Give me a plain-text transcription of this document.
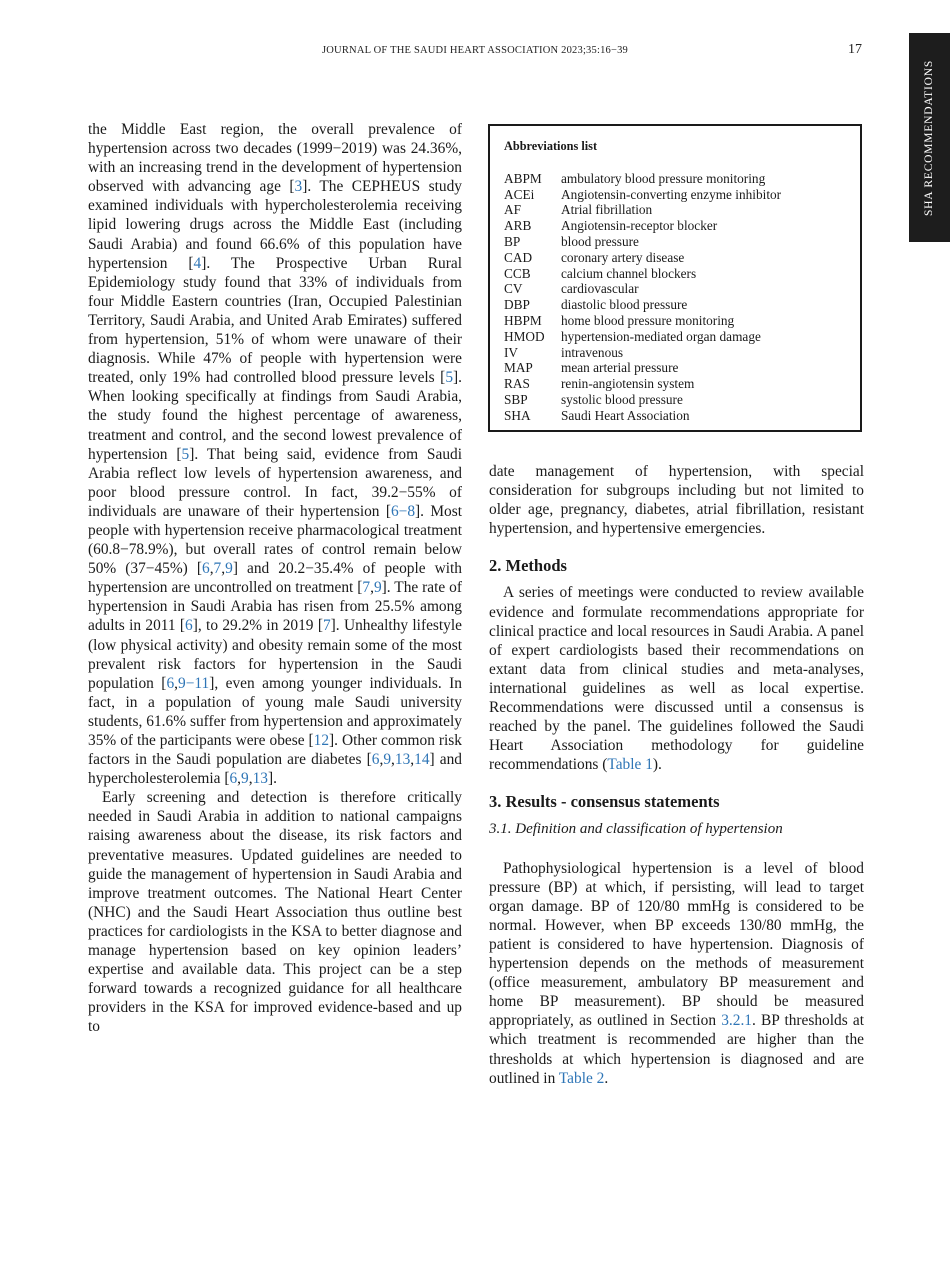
JOURNAL OF THE SAUDI HEART ASSOCIATION 2023;35:16−39	17
SHA RECOMMENDATIONS

the Middle East region, the overall prevalence of hypertension across two decades (1999−2019) was 24.36%, with an increasing trend in the development of hypertension observed with advancing age [3]. The CEPHEUS study examined individuals with hypercholesterolemia receiving lipid lowering drugs across the Middle East (including Saudi Arabia) and found 66.6% of this population have hypertension [4]. The Prospective Urban Rural Epidemiology study found that 33% of individuals from four Middle Eastern countries (Iran, Occupied Palestinian Territory, Saudi Arabia, and United Arab Emirates) suffered from hypertension, 51% of whom were unaware of their diagnosis. While 47% of people with hypertension were treated, only 19% had controlled blood pressure levels [5]. When looking specifically at findings from Saudi Arabia, the study found the highest percentage of awareness, treatment and control, and the second lowest prevalence of hypertension [5]. That being said, evidence from Saudi Arabia reflect low levels of hypertension awareness, and poor blood pressure control. In fact, 39.2−55% of individuals are unaware of their hypertension [6−8]. Most people with hypertension receive pharmacological treatment (60.8−78.9%), but overall rates of control remain below 50% (37−45%) [6,7,9] and 20.2−35.4% of people with hypertension are uncontrolled on treatment [7,9]. The rate of hypertension in Saudi Arabia has risen from 25.5% among adults in 2011 [6], to 29.2% in 2019 [7]. Unhealthy lifestyle (low physical activity) and obesity remain some of the most prevalent risk factors for hypertension in the Saudi population [6,9−11], even among younger individuals. In fact, in a population of young male Saudi university students, 61.6% suffer from hypertension and approximately 35% of the participants were obese [12]. Other common risk factors in the Saudi population are diabetes [6,9,13,14] and hypercholesterolemia [6,9,13].

Early screening and detection is therefore critically needed in Saudi Arabia in addition to national campaigns raising awareness about the disease, its risk factors and preventative measures. Updated guidelines are needed to guide the management of hypertension in Saudi Arabia and improve treatment outcomes. The National Heart Center (NHC) and the Saudi Heart Association thus outline best practices for cardiologists in the KSA to better diagnose and manage hypertension based on key opinion leaders’ expertise and available data. This project can be a step forward towards a recognized guidance for all healthcare providers in the KSA for improved evidence-based and up to

Abbreviations list
ABPM	ambulatory blood pressure monitoring
ACEi	Angiotensin-converting enzyme inhibitor
AF	Atrial fibrillation
ARB	Angiotensin-receptor blocker
BP	blood pressure
CAD	coronary artery disease
CCB	calcium channel blockers
CV	cardiovascular
DBP	diastolic blood pressure
HBPM	home blood pressure monitoring
HMOD	hypertension-mediated organ damage
IV	intravenous
MAP	mean arterial pressure
RAS	renin-angiotensin system
SBP	systolic blood pressure
SHA	Saudi Heart Association

date management of hypertension, with special consideration for subgroups including but not limited to older age, pregnancy, diabetes, atrial fibrillation, resistant hypertension, and hypertensive emergencies.

2. Methods

A series of meetings were conducted to review available evidence and formulate recommendations appropriate for clinical practice and local resources in Saudi Arabia. A panel of expert cardiologists based their recommendations on extant data from clinical studies and meta-analyses, international guidelines as well as local expertise. Recommendations were discussed until a consensus is reached by the panel. The guidelines followed the Saudi Heart Association methodology for guideline recommendations (Table 1).

3. Results - consensus statements
3.1. Definition and classification of hypertension

Pathophysiological hypertension is a level of blood pressure (BP) at which, if persisting, will lead to target organ damage. BP of 120/80 mmHg is considered to be normal. However, when BP exceeds 130/80 mmHg, the patient is considered to have hypertension. Diagnosis of hypertension depends on the methods of measurement (office measurement, ambulatory BP measurement and home BP measurement). BP should be measured appropriately, as outlined in Section 3.2.1. BP thresholds at which treatment is recommended are higher than the thresholds at which hypertension is diagnosed and are outlined in Table 2.
